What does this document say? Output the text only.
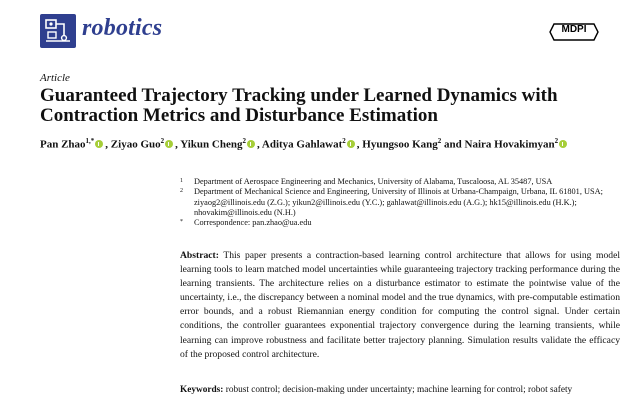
robotics	MDPI
Article
Guaranteed Trajectory Tracking under Learned Dynamics with Contraction Metrics and Disturbance Estimation
Pan Zhao$^{1,*}$ , Ziyao Guo$^2$ , Yikun Cheng$^2$ , Aditya Gahlawat$^2$ , Hyungsoo Kang$^2$ and Naira Hovakimyan$^2$
1 Department of Aerospace Engineering and Mechanics, University of Alabama, Tuscaloosa, AL 35487, USA
2 Department of Mechanical Science and Engineering, University of Illinois at Urbana-Champaign, Urbana, IL 61801, USA; ziyaog2@illinois.edu (Z.G.); yikun2@illinois.edu (Y.C.); gahlawat@illinois.edu (A.G.); hk15@illinois.edu (H.K.); nhovakim@illinois.edu (N.H.)
* Correspondence: pan.zhao@ua.edu
Abstract: This paper presents a contraction-based learning control architecture that allows for using model learning tools to learn matched model uncertainties while guaranteeing trajectory tracking performance during the learning transients. The architecture relies on a disturbance estimator to estimate the pointwise value of the uncertainty, i.e., the discrepancy between a nominal model and the true dynamics, with pre-computable estimation error bounds, and a robust Riemannian energy condition for computing the control signal. Under certain conditions, the controller guarantees exponential trajectory convergence during the learning transients, while learning can improve robustness and facilitate better trajectory planning. Simulation results validate the efficacy of the proposed control architecture.
Keywords: robust control; decision-making under uncertainty; machine learning for control; robot safety
